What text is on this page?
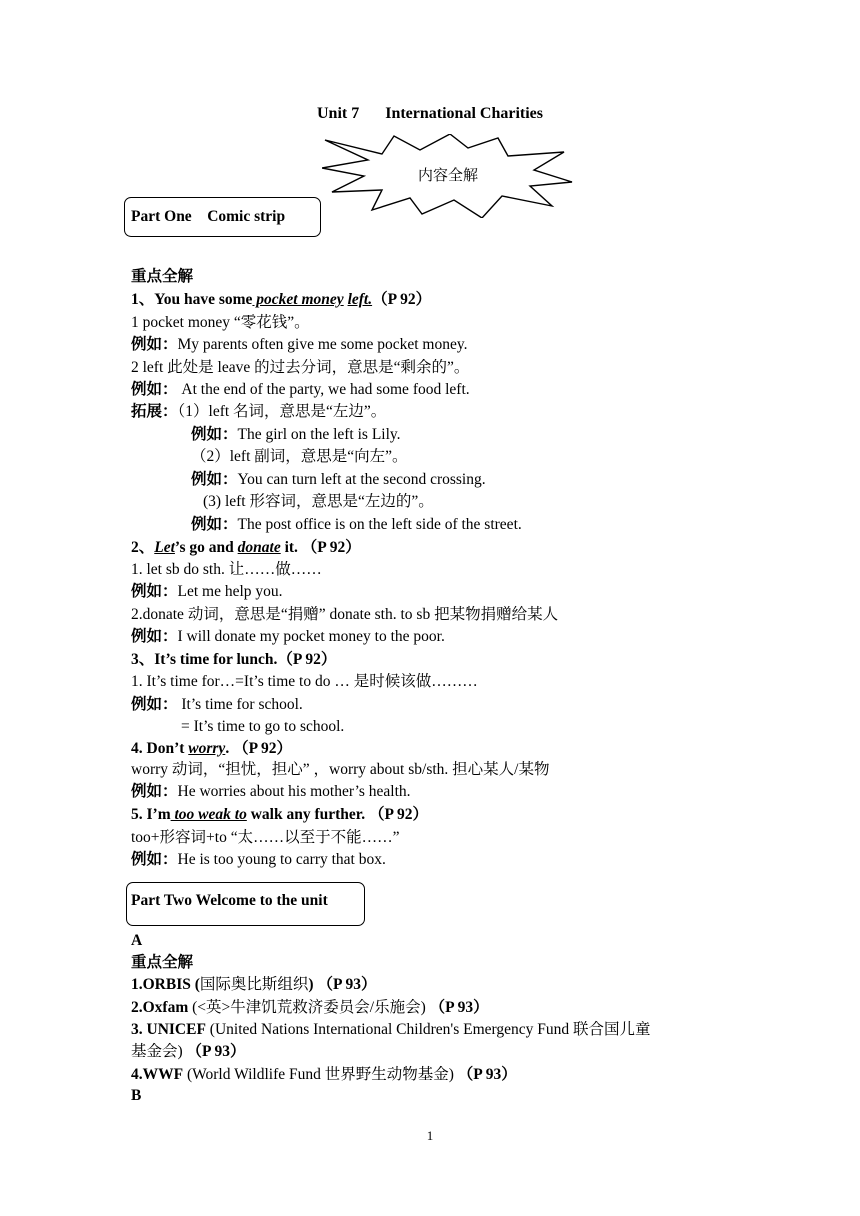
Unit 7 International Charities
内容全解
Part One　Comic strip
重点全解
1、You have some pocket money left.（P 92）
1 pocket money “零花钱”。
例如：My parents often give me some pocket money.
2 left 此处是 leave 的过去分词，意思是“剩余的”。
例如： At the end of the party, we had some food left.
拓展：（1）left 名词，意思是“左边”。
例如：The girl on the left is Lily.
（2）left 副词，意思是“向左”。
例如：You can turn left at the second crossing.
(3) left 形容词，意思是“左边的”。
例如：The post office is on the left side of the street.
2、Let’s go and donate it. （P 92）
1. let sb do sth. 让……做……
例如：Let me help you.
2.donate 动词，意思是“捐赠” donate sth. to sb 把某物捐赠给某人
例如：I will donate my pocket money to the poor.
3、It’s time for lunch.（P 92）
1. It’s time for…=It’s time to do … 是时候该做………
例如： It’s time for school.
= It’s time to go to school.
4. Don’t worry. （P 92）
worry 动词，“担忧，担心” ，worry about sb/sth. 担心某人/某物
例如：He worries about his mother’s health.
5. I’m too weak to walk any further. （P 92）
too+形容词+to “太……以至于不能……”
例如：He is too young to carry that box.
Part Two Welcome to the unit
A
重点全解
1.ORBIS (国际奥比斯组织) （P 93）
2.Oxfam (<英>牛津饥荒救济委员会/乐施会) （P 93）
3. UNICEF (United Nations International Children's Emergency Fund 联合国儿童
基金会) （P 93）
4.WWF (World Wildlife Fund 世界野生动物基金) （P 93）
B
1
